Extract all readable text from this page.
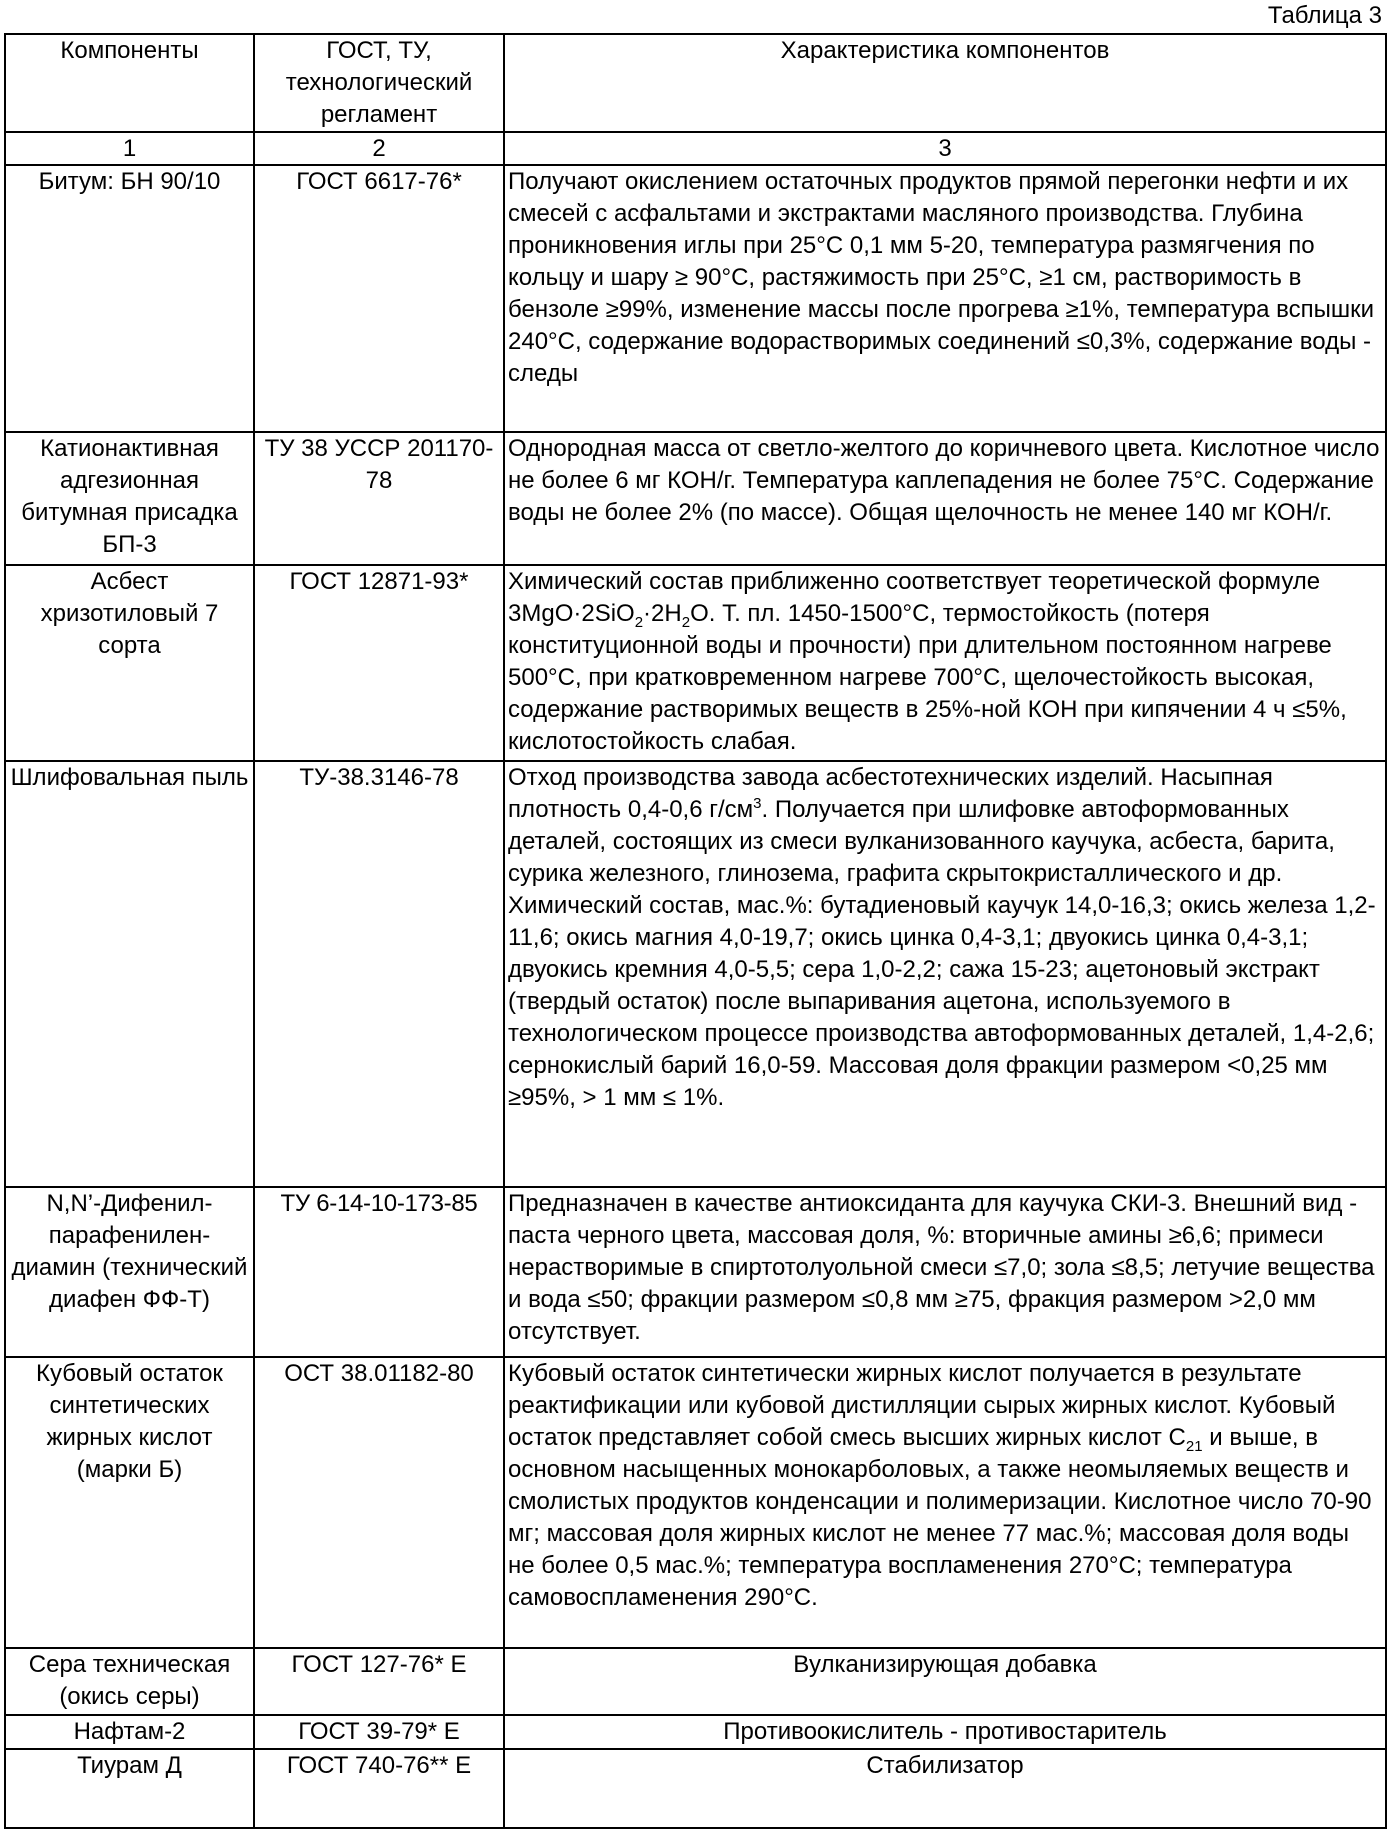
Таблица 3
Компоненты	ГОСТ, ТУ, технологический регламент	Характеристика компонентов
1	2	3
Битум: БН 90/10	ГОСТ 6617-76*	Получают окислением остаточных продуктов прямой перегонки нефти и их смесей с асфальтами и экстрактами масляного производства. Глубина проникновения иглы при 25°С 0,1 мм 5-20, температура размягчения по кольцу и шару ≥ 90°С, растяжимость при 25°С, ≥1 см, растворимость в бензоле ≥99%, изменение массы после прогрева ≥1%, температура вспышки 240°С, содержание водорастворимых соединений ≤0,3%, содержание воды - следы
Катионактивная адгезионная битумная присадка БП-3	ТУ 38 УССР 201170-78	Однородная масса от светло-желтого до коричневого цвета. Кислотное число не более 6 мг КОН/г. Температура каплепадения не более 75°С. Содержание воды не более 2% (по массе). Общая щелочность не менее 140 мг КОН/г.
Асбест хризотиловый 7 сорта	ГОСТ 12871-93*	Химический состав приближенно соответствует теоретической формуле 3MgO·2SiO2·2H2O. Т. пл. 1450-1500°С, термостойкость (потеря конституционной воды и прочности) при длительном постоянном нагреве 500°С, при кратковременном нагреве 700°С, щелочестойкость высокая, содержание растворимых веществ в 25%-ной КОН при кипячении 4 ч ≤5%, кислотостойкость слабая.
Шлифовальная пыль	ТУ-38.3146-78	Отход производства завода асбестотехнических изделий. Насыпная плотность 0,4-0,6 г/см3. Получается при шлифовке автоформованных деталей, состоящих из смеси вулканизованного каучука, асбеста, барита, сурика железного, глинозема, графита скрытокристаллического и др. Химический состав, мас.%: бутадиеновый каучук 14,0-16,3; окись железа 1,2-11,6; окись магния 4,0-19,7; окись цинка 0,4-3,1; двуокись цинка 0,4-3,1; двуокись кремния 4,0-5,5; сера 1,0-2,2; сажа 15-23; ацетоновый экстракт (твердый остаток) после выпаривания ацетона, используемого в технологическом процессе производства автоформованных деталей, 1,4-2,6; сернокислый барий 16,0-59. Массовая доля фракции размером <0,25 мм ≥95%, > 1 мм ≤ 1%.
N,N’-Дифенил-парафенилен-диамин (технический диафен ФФ-Т)	ТУ 6-14-10-173-85	Предназначен в качестве антиоксиданта для каучука СКИ-3. Внешний вид - паста черного цвета, массовая доля, %: вторичные амины ≥6,6; примеси нерастворимые в спиртотолуольной смеси ≤7,0; зола ≤8,5; летучие вещества и вода ≤50; фракции размером ≤0,8 мм ≥75, фракция размером >2,0 мм отсутствует.
Кубовый остаток синтетических жирных кислот (марки Б)	ОСТ 38.01182-80	Кубовый остаток синтетически жирных кислот получается в результате реактификации или кубовой дистилляции сырых жирных кислот. Кубовый остаток представляет собой смесь высших жирных кислот С21 и выше, в основном насыщенных монокарболовых, а также неомыляемых веществ и смолистых продуктов конденсации и полимеризации. Кислотное число 70-90 мг; массовая доля жирных кислот не менее 77 мас.%; массовая доля воды не более 0,5 мас.%; температура воспламенения 270°С; температура самовоспламенения 290°С.
Сера техническая (окись серы)	ГОСТ 127-76* Е	Вулканизирующая добавка
Нафтам-2	ГОСТ 39-79* Е	Противоокислитель - противостаритель
Тиурам Д	ГОСТ 740-76** Е	Стабилизатор
